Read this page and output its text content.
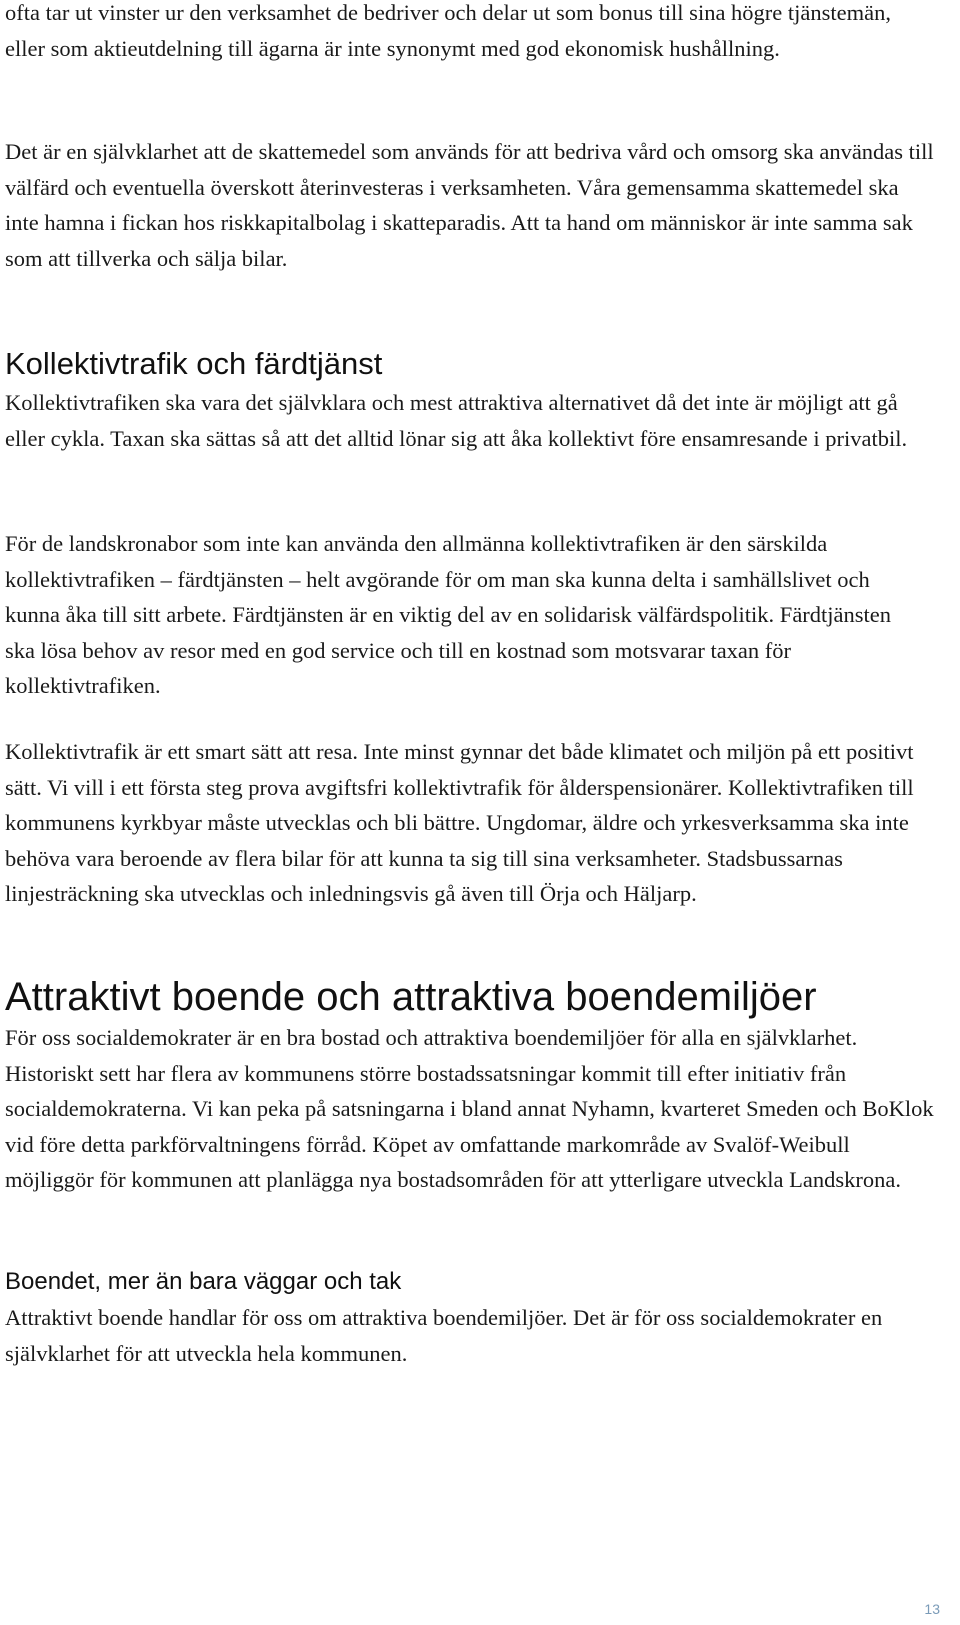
ofta tar ut vinster ur den verksamhet de bedriver och delar ut som bonus till sina högre tjänstemän, eller som aktieutdelning till ägarna är inte synonymt med god ekonomisk hushållning.

Det är en självklarhet att de skattemedel som används för att bedriva vård och omsorg ska användas till välfärd och eventuella överskott återinvesteras i verksamheten. Våra gemensamma skattemedel ska inte hamna i fickan hos riskkapitalbolag i skatteparadis. Att ta hand om människor är inte samma sak som att tillverka och sälja bilar.

Kollektivtrafik och färdtjänst

Kollektivtrafiken ska vara det självklara och mest attraktiva alternativet då det inte är möjligt att gå eller cykla. Taxan ska sättas så att det alltid lönar sig att åka kollektivt före ensamresande i privatbil.

För de landskronabor som inte kan använda den allmänna kollektivtrafiken är den särskilda kollektivtrafiken – färdtjänsten – helt avgörande för om man ska kunna delta i samhällslivet och kunna åka till sitt arbete. Färdtjänsten är en viktig del av en solidarisk välfärdspolitik. Färdtjänsten ska lösa behov av resor med en god service och till en kostnad som motsvarar taxan för kollektivtrafiken.

Kollektivtrafik är ett smart sätt att resa. Inte minst gynnar det både klimatet och miljön på ett positivt sätt. Vi vill i ett första steg prova avgiftsfri kollektivtrafik för ålderspensionärer. Kollektivtrafiken till kommunens kyrkbyar måste utvecklas och bli bättre. Ungdomar, äldre och yrkesverksamma ska inte behöva vara beroende av flera bilar för att kunna ta sig till sina verksamheter. Stadsbussarnas linjesträckning ska utvecklas och inledningsvis gå även till Örja och Häljarp.

Attraktivt boende och attraktiva boendemiljöer

För oss socialdemokrater är en bra bostad och attraktiva boendemiljöer för alla en självklarhet. Historiskt sett har flera av kommunens större bostadssatsningar kommit till efter initiativ från socialdemokraterna. Vi kan peka på satsningarna i bland annat Nyhamn, kvarteret Smeden och BoKlok vid före detta parkförvaltningens förråd. Köpet av omfattande markområde av Svalöf-Weibull möjliggör för kommunen att planlägga nya bostadsområden för att ytterligare utveckla Landskrona.

Boendet, mer än bara väggar och tak

Attraktivt boende handlar för oss om attraktiva boendemiljöer. Det är för oss socialdemokrater en självklarhet för att utveckla hela kommunen.

13
